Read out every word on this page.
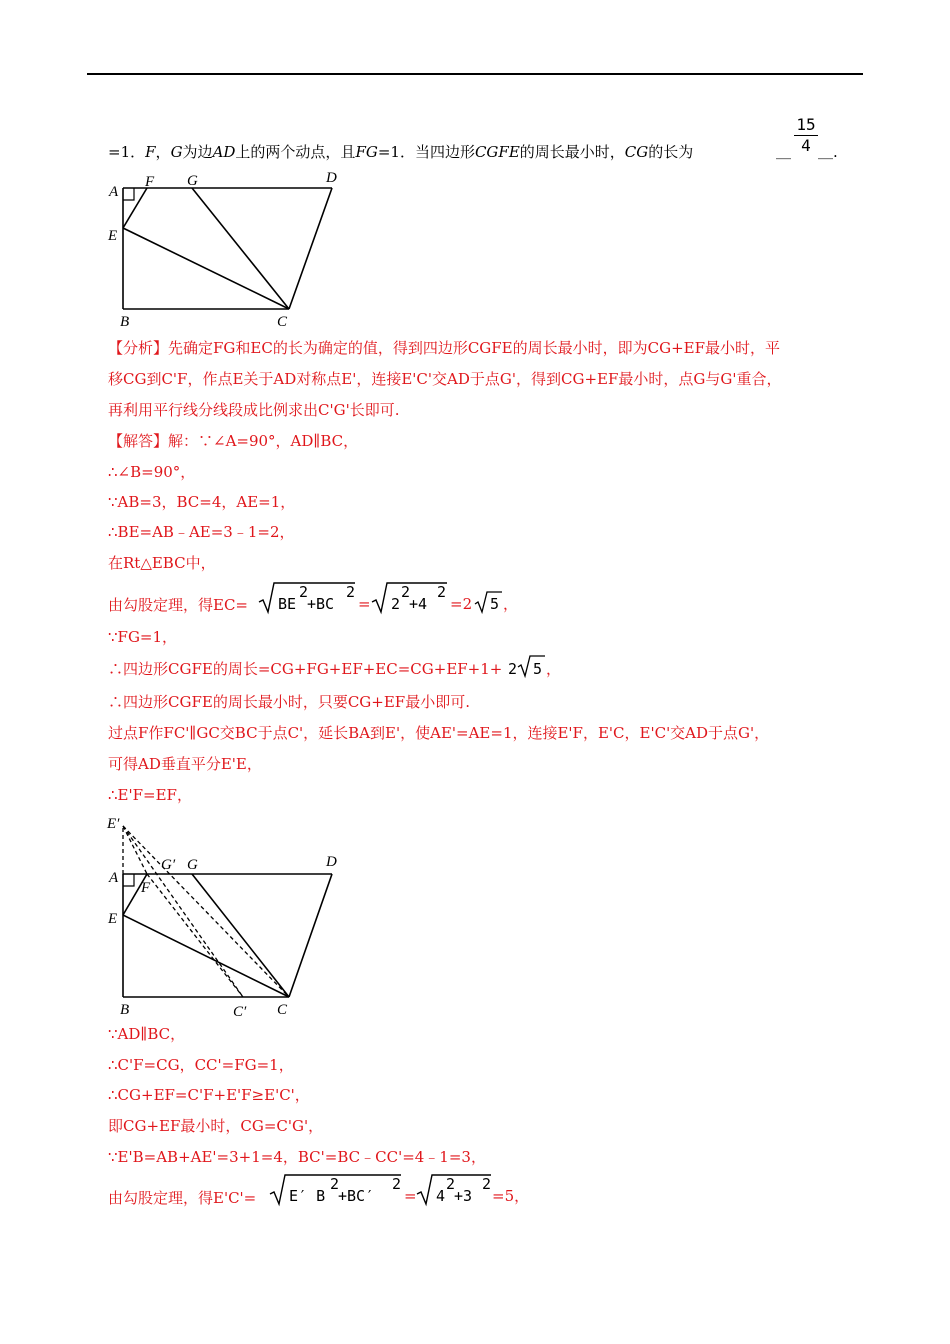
=1．F，G为边AD上的两个动点，且FG=1．当四边形CGFE的周长最小时，CG的长为	＿
15
4 ＿.
A
F G	D
E
B	C
【分析】先确定FG和EC的长为确定的值，得到四边形CGFE的周长最小时，即为CG+EF最小时，平
移CG到C'F，作点E关于AD对称点E'，连接E'C'交AD于点G'，得到CG+EF最小时，点G与G'重合，
再利用平行线分线段成比例求出C'G'长即可.
【解答】解：∵∠A=90°，AD∥BC，
∴∠B=90°，
∵AB=3，BC=4，AE=1，
∴BE=AB﹣AE=3﹣1=2，
在Rt△EBC中，
由勾股定理，得EC= BE
2
+BC
2
= 2
2
+4
2
=2 5 ，
∵FG=1，
∴四边形CGFE的周长=CG+FG+EF+EC=CG+EF+1+ 2 5 ，
∴四边形CGFE的周长最小时，只要CG+EF最小即可.
过点F作FC'∥GC交BC于点C'，延长BA到E'，使AE'=AE=1，连接E'F，E'C，E'C'交AD于点G'，
可得AD垂直平分E'E，
∴E'F=EF，
E′
G′ G	D
A
F
E
B	C′ C
∵AD∥BC，
∴C'F=CG，CC'=FG=1，
∴CG+EF=C'F+E'F≥E'C'，
即CG+EF最小时，CG=C'G'，
∵E'B=AB+AE'=3+1=4，BC'=BC﹣CC'=4﹣1=3，
由勾股定理，得E'C'= E′ B
2
+BC′
2
= 4
2
+3
2
=5，
